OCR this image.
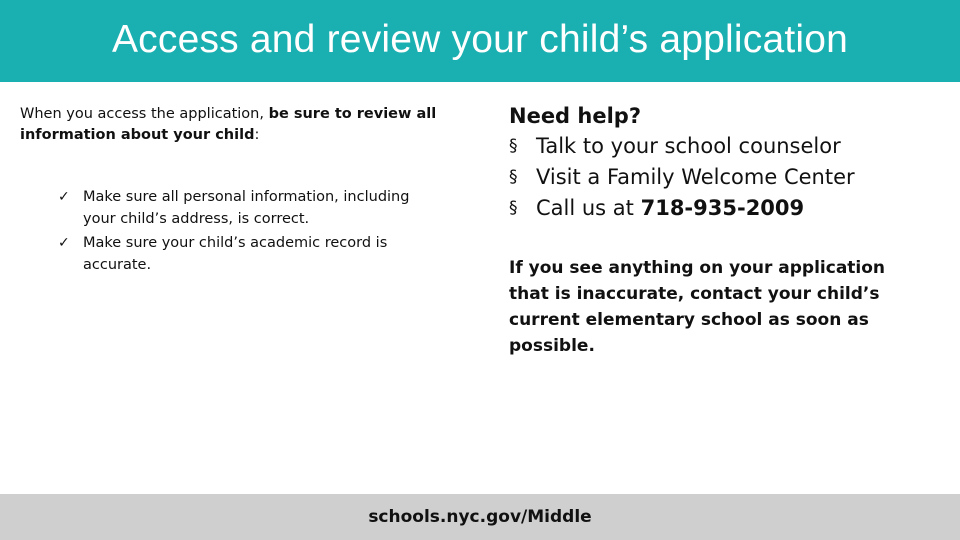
Access and review your child’s application

When you access the application, be sure to review all information about your child:

✓ Make sure all personal information, including your child’s address, is correct.
✓ Make sure your child’s academic record is accurate.
Need help?
§ Talk to your school counselor
§ Visit a Family Welcome Center
§ Call us at 718-935-2009

If you see anything on your application that is inaccurate, contact your child’s current elementary school as soon as possible.

schools.nyc.gov/Middle
